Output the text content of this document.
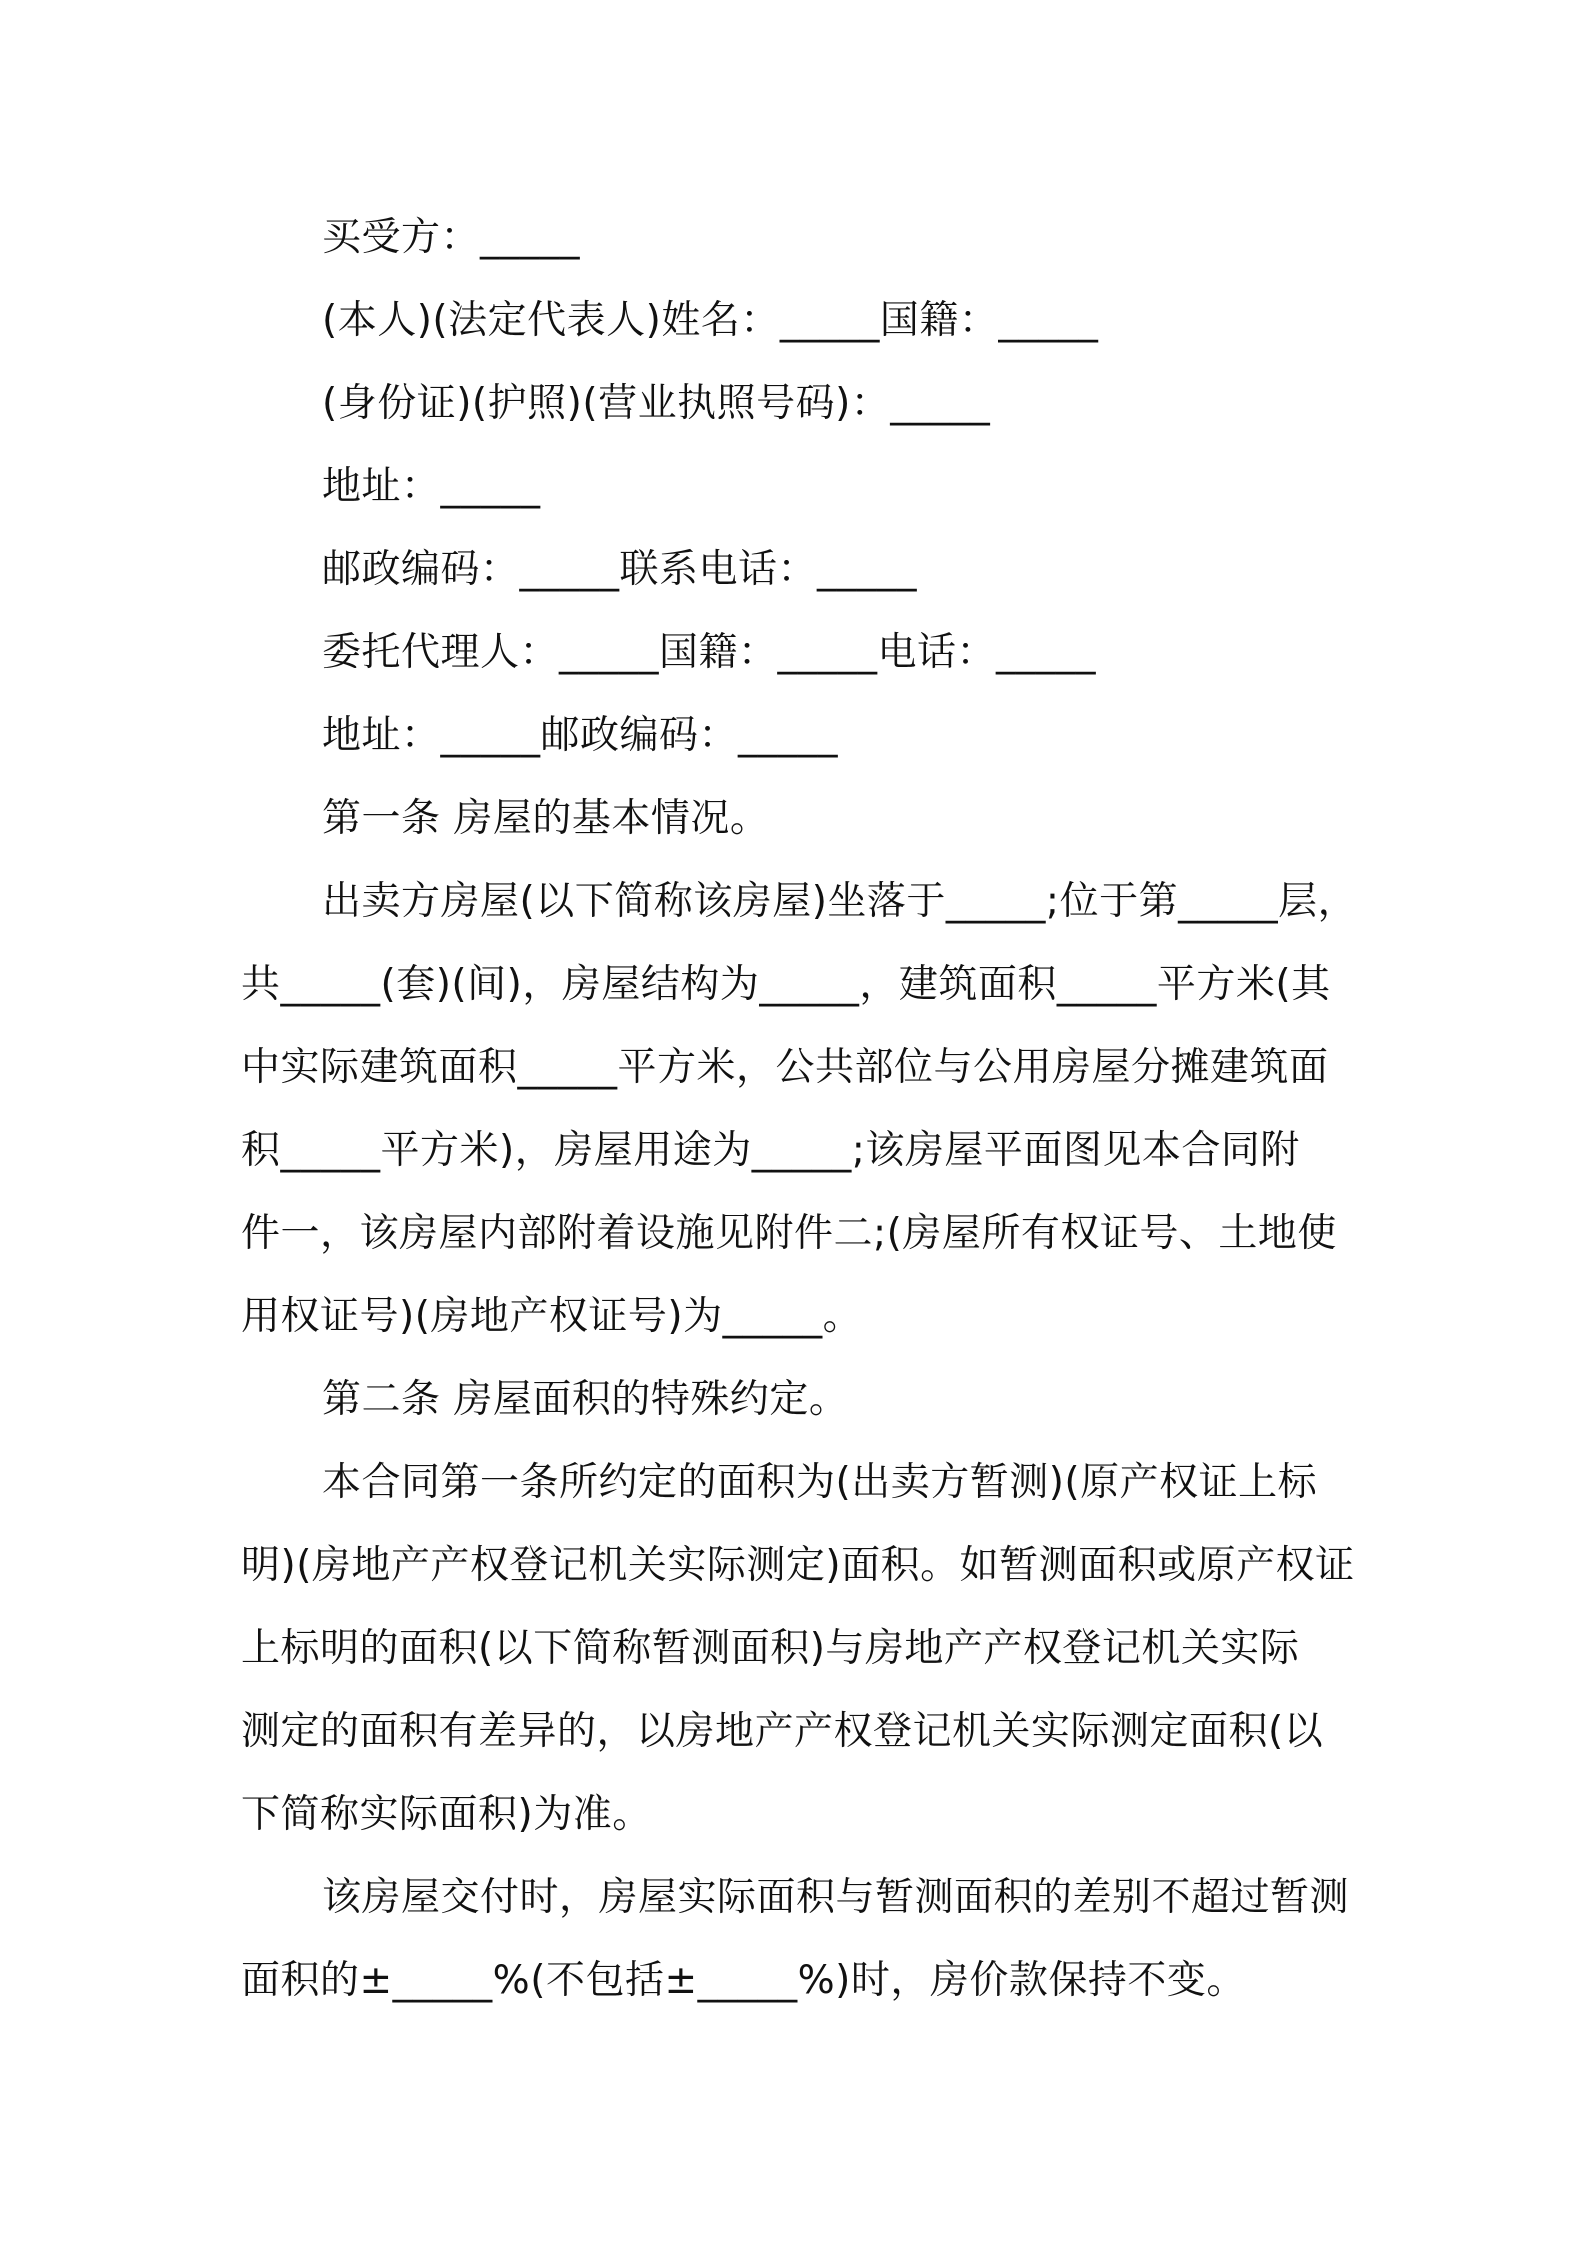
买受方：_____
(本人)(法定代表人)姓名：_____国籍：_____
(身份证)(护照)(营业执照号码)：_____
地址：_____
邮政编码：_____联系电话：_____
委托代理人：_____国籍：_____电话：_____
地址：_____邮政编码：_____
第一条 房屋的基本情况。
出卖方房屋(以下简称该房屋)坐落于_____;位于第_____层，
共_____(套)(间)，房屋结构为_____，建筑面积_____平方米(其
中实际建筑面积_____平方米，公共部位与公用房屋分摊建筑面
积_____平方米)，房屋用途为_____;该房屋平面图见本合同附
件一，该房屋内部附着设施见附件二;(房屋所有权证号、土地使
用权证号)(房地产权证号)为_____。
第二条 房屋面积的特殊约定。
本合同第一条所约定的面积为(出卖方暂测)(原产权证上标
明)(房地产产权登记机关实际测定)面积。如暂测面积或原产权证
上标明的面积(以下简称暂测面积)与房地产产权登记机关实际
测定的面积有差异的，以房地产产权登记机关实际测定面积(以
下简称实际面积)为准。
该房屋交付时，房屋实际面积与暂测面积的差别不超过暂测
面积的±_____%(不包括±_____%)时，房价款保持不变。
